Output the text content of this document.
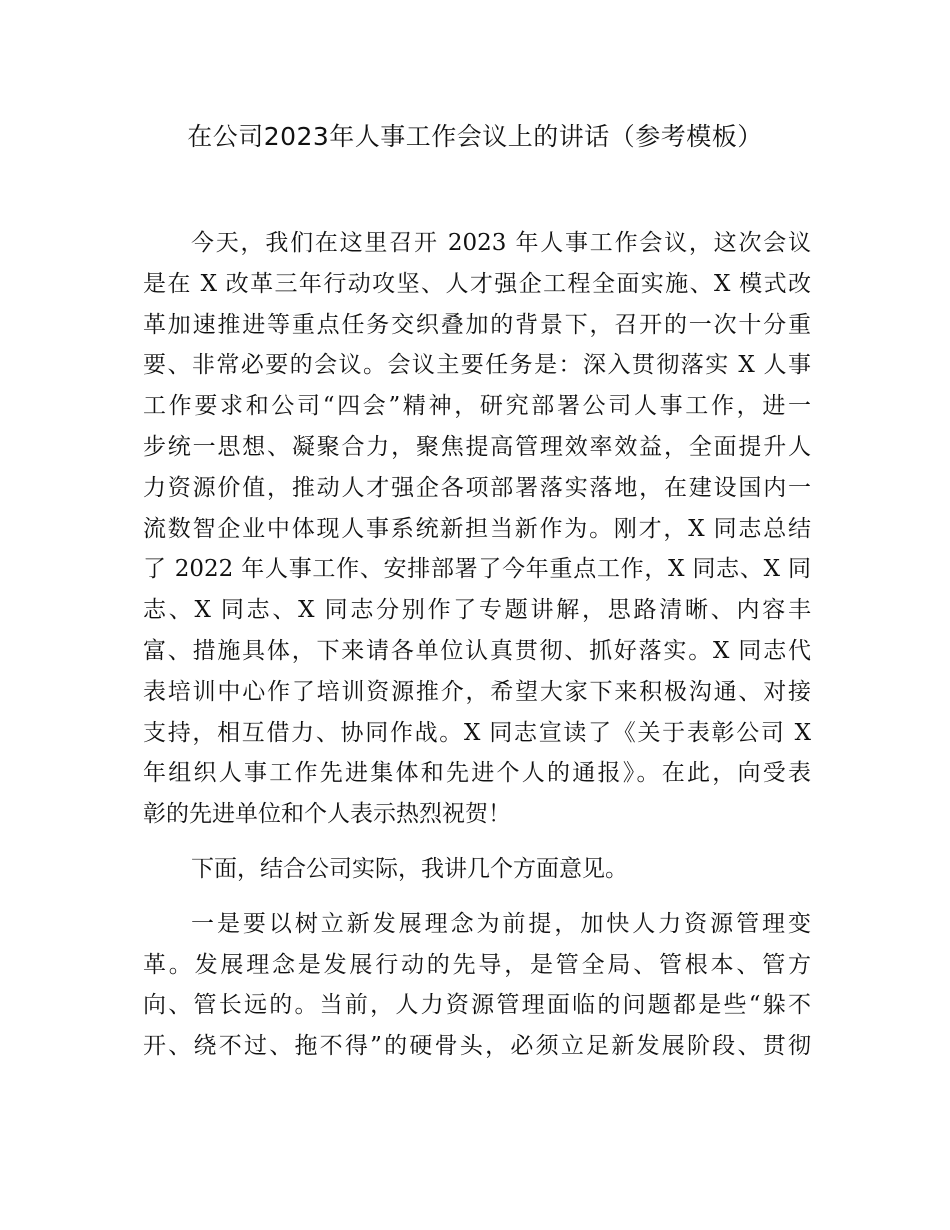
在公司2023年人事工作会议上的讲话（参考模板）
今天，我们在这里召开 2023 年人事工作会议，这次会议
是在 X 改革三年行动攻坚、人才强企工程全面实施、X 模式改
革加速推进等重点任务交织叠加的背景下，召开的一次十分重
要、非常必要的会议。会议主要任务是：深入贯彻落实 X 人事
工作要求和公司“四会”精神，研究部署公司人事工作，进一
步统一思想、凝聚合力，聚焦提高管理效率效益，全面提升人
力资源价值，推动人才强企各项部署落实落地，在建设国内一
流数智企业中体现人事系统新担当新作为。刚才，X 同志总结
了 2022 年人事工作、安排部署了今年重点工作，X 同志、X 同
志、X 同志、X 同志分别作了专题讲解，思路清晰、内容丰
富、措施具体，下来请各单位认真贯彻、抓好落实。X 同志代
表培训中心作了培训资源推介，希望大家下来积极沟通、对接
支持，相互借力、协同作战。X 同志宣读了《关于表彰公司 X
年组织人事工作先进集体和先进个人的通报》。在此，向受表
彰的先进单位和个人表示热烈祝贺！
下面，结合公司实际，我讲几个方面意见。
一是要以树立新发展理念为前提，加快人力资源管理变
革。发展理念是发展行动的先导，是管全局、管根本、管方
向、管长远的。当前，人力资源管理面临的问题都是些“躲不
开、绕不过、拖不得”的硬骨头，必须立足新发展阶段、贯彻
